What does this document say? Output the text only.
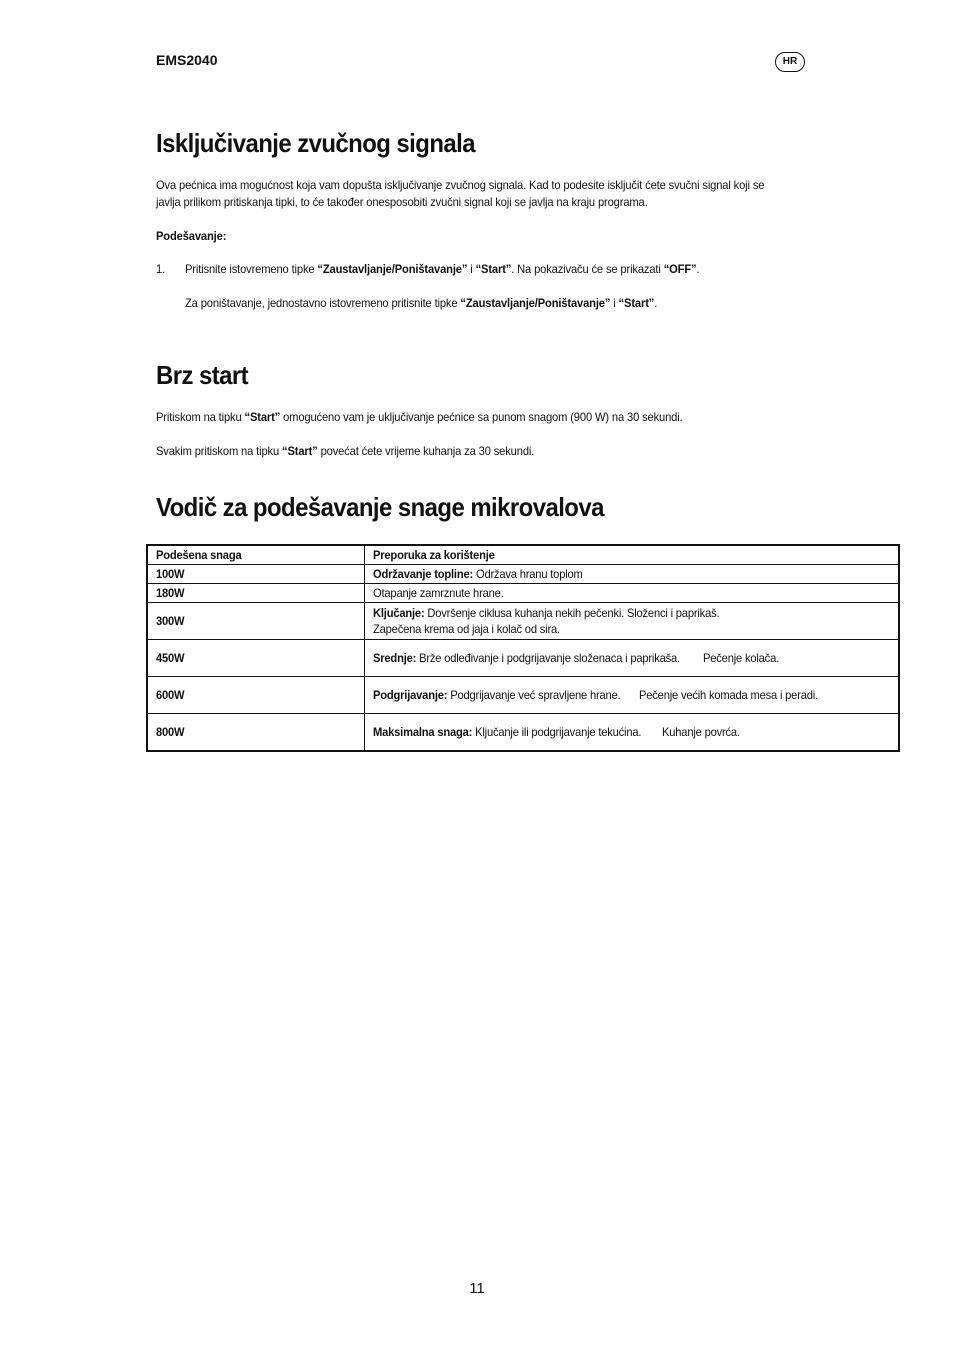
EMS2040	HR
Isključivanje zvučnog signala
Ova pećnica ima mogućnost koja vam dopušta isključivanje zvučnog signala. Kad to podesite isključit ćete svučni signal koji se
javlja prilikom pritiskanja tipki, to će također onesposobiti zvučni signal koji se javlja na kraju programa.
Podešavanje:
1. Pritisnite istovremeno tipke “Zaustavljanje/Poništavanje” i “Start”. Na pokazivaču će se prikazati “OFF”.
Za poništavanje, jednostavno istovremeno pritisnite tipke “Zaustavljanje/Poništavanje” i “Start”.
Brz start
Pritiskom na tipku “Start” omogućeno vam je uključivanje pećnice sa punom snagom (900 W) na 30 sekundi.
Svakim pritiskom na tipku “Start” povećat ćete vrijeme kuhanja za 30 sekundi.
Vodič za podešavanje snage mikrovalova
Podešena snaga	Preporuka za korištenje
100W	Održavanje topline: Održava hranu toplom
180W	Otapanje zamrznute hrane.
300W	Ključanje: Dovršenje ciklusa kuhanja nekih pečenki. Složenci i paprikaš.Zapečena krema od jaja i kolač od sira.
450W	Srednje: Brže odleđivanje i podgrijavanje složenaca i paprikaša. Pečenje kolača.
600W	Podgrijavanje: Podgrijavanje već spravljene hrane. Pečenje većih komada mesa i peradi.
800W	Maksimalna snaga: Ključanje ili podgrijavanje tekućina. Kuhanje povrća.
11
